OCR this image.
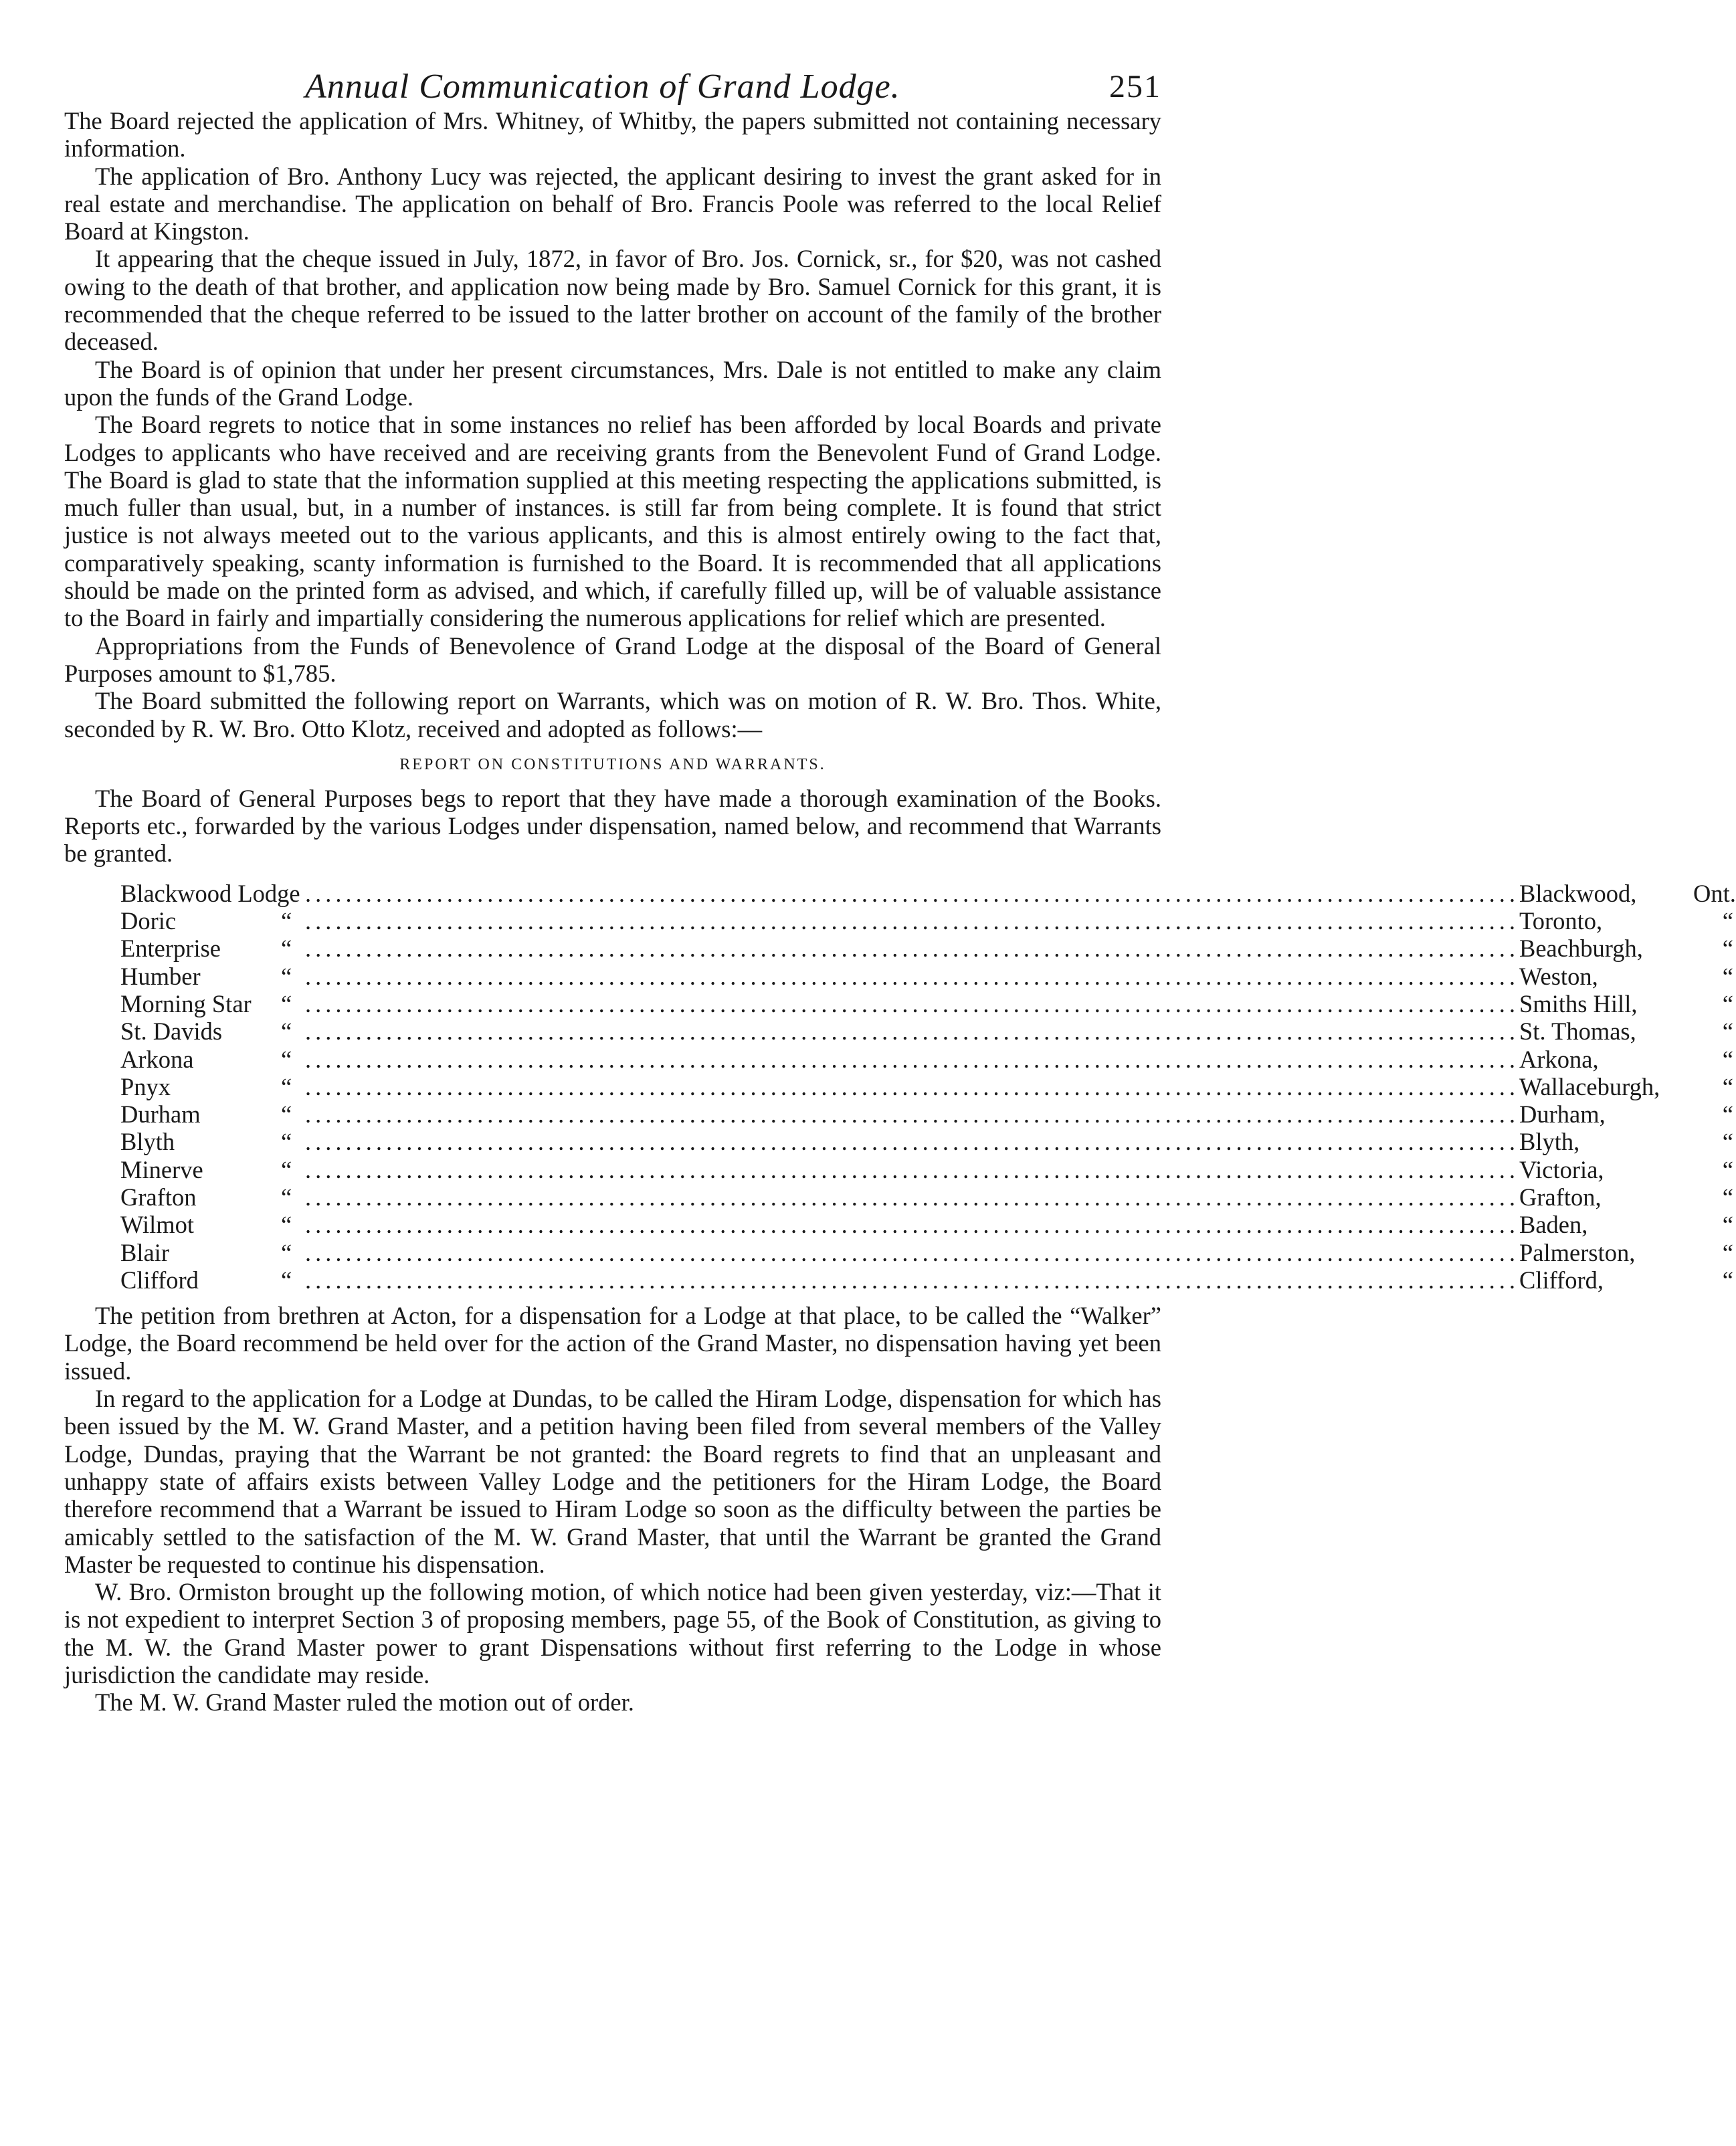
Annual Communication of Grand Lodge.	251

The Board rejected the application of Mrs. Whitney, of Whitby, the papers submitted not containing necessary information.

The application of Bro. Anthony Lucy was rejected, the applicant desiring to invest the grant asked for in real estate and merchandise. The application on behalf of Bro. Francis Poole was referred to the local Relief Board at Kingston.

It appearing that the cheque issued in July, 1872, in favor of Bro. Jos. Cornick, sr., for $20, was not cashed owing to the death of that brother, and application now being made by Bro. Samuel Cornick for this grant, it is recommended that the cheque referred to be issued to the latter brother on account of the family of the brother deceased.

The Board is of opinion that under her present circumstances, Mrs. Dale is not entitled to make any claim upon the funds of the Grand Lodge.

The Board regrets to notice that in some instances no relief has been afforded by local Boards and private Lodges to applicants who have received and are receiving grants from the Benevolent Fund of Grand Lodge. The Board is glad to state that the information supplied at this meeting respecting the applications submitted, is much fuller than usual, but, in a number of instances. is still far from being complete. It is found that strict justice is not always meeted out to the various applicants, and this is almost entirely owing to the fact that, comparatively speaking, scanty information is furnished to the Board. It is recommended that all applications should be made on the printed form as advised, and which, if carefully filled up, will be of valuable assistance to the Board in fairly and impartially considering the numerous applications for relief which are presented.

Appropriations from the Funds of Benevolence of Grand Lodge at the disposal of the Board of General Purposes amount to $1,785.

The Board submitted the following report on Warrants, which was on motion of R. W. Bro. Thos. White, seconded by R. W. Bro. Otto Klotz, received and adopted as follows:—

REPORT ON CONSTITUTIONS AND WARRANTS.

The Board of General Purposes begs to report that they have made a thorough examination of the Books. Reports etc., forwarded by the various Lodges under dispensation, named below, and recommend that Warrants be granted.

Blackwood Lodge ........................................................................................................................ Blackwood,	Ont.
Doric	“ ........................................................................................................................ Toronto,	“
Enterprise	“ ........................................................................................................................ Beachburgh,	“
Humber	“ ........................................................................................................................ Weston,	“
Morning Star	“ ........................................................................................................................ Smiths Hill,	“
St. Davids	“ ........................................................................................................................ St. Thomas,	“
Arkona	“ ........................................................................................................................ Arkona,	“
Pnyx	“ ........................................................................................................................ Wallaceburgh,	“
Durham	“ ........................................................................................................................ Durham,	“
Blyth	“ ........................................................................................................................ Blyth,	“
Minerve	“ ........................................................................................................................ Victoria,	“
Grafton	“ ........................................................................................................................ Grafton,	“
Wilmot	“ ........................................................................................................................ Baden,	“
Blair	“ ........................................................................................................................ Palmerston,	“
Clifford	“ ........................................................................................................................ Clifford,	“

The petition from brethren at Acton, for a dispensation for a Lodge at that place, to be called the “Walker” Lodge, the Board recommend be held over for the action of the Grand Master, no dispensation having yet been issued.

In regard to the application for a Lodge at Dundas, to be called the Hiram Lodge, dispensation for which has been issued by the M. W. Grand Master, and a petition having been filed from several members of the Valley Lodge, Dundas, praying that the Warrant be not granted: the Board regrets to find that an unpleasant and unhappy state of affairs exists between Valley Lodge and the petitioners for the Hiram Lodge, the Board therefore recommend that a Warrant be issued to Hiram Lodge so soon as the difficulty between the parties be amicably settled to the satisfaction of the M. W. Grand Master, that until the Warrant be granted the Grand Master be requested to continue his dispensation.

W. Bro. Ormiston brought up the following motion, of which notice had been given yesterday, viz:—That it is not expedient to interpret Section 3 of proposing members, page 55, of the Book of Constitution, as giving to the M. W. the Grand Master power to grant Dispensations without first referring to the Lodge in whose jurisdiction the candidate may reside.

The M. W. Grand Master ruled the motion out of order.
